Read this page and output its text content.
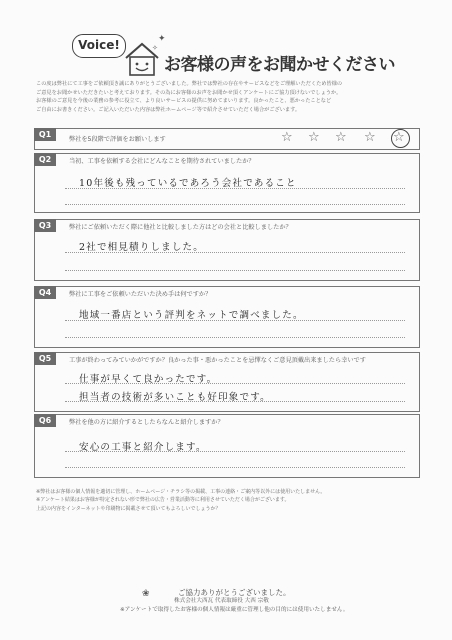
Voice!	✦
✧
お客様の声をお聞かせください

この度は弊社にて工事をご依頼頂き誠にありがとうございました。弊社では弊社の存在やサービスなどをご理解いただくため皆様の

ご意見をお聞かせいただきたいと考えております。その為にお客様のお声をお聞かせ頂くアンケートにご協力頂けないでしょうか。

お客様のご意見を今後の業務の参考に役立て、より良いサービスの提供に努めてまいります。良かったこと、悪かったことなど

ご自由にお書きください。ご記入いただいた内容は弊社ホームページ等で紹介させていただく場合がございます。

Q1
弊社を5段階で評価をお願いします	☆ ☆ ☆ ☆ ☆
Q2	当初、工事を依頼する会社にどんなことを期待されていましたか？
10年後も残っているであろう会社であること
Q3	弊社にご依頼いただく際に他社と比較しました方はどの会社と比較しましたか？
2社で相見積りしました。
Q4	弊社に工事をご依頼いただいた決め手は何ですか？
地域一番店という評判をネットで調べました。
Q5	工事が終わってみていかがですか？良かった事・悪かったことを忌憚なくご意見頂戴出来ましたら幸いです
仕事が早くて良かったです。
担当者の技術が多いことも好印象です。
Q6	弊社を他の方に紹介するとしたらなんと紹介しますか？
安心の工事と紹介します。

※弊社はお客様の個人情報を適切に管理し、ホームページ・チラシ等の掲載、工事の連絡・ご案内等以外には使用いたしません。

※アンケート結果はお客様が特定されない形で弊社の広告・営業活動等に利用させていただく場合がございます。

上記の内容をインターネットや印刷物に掲載させて頂いてもよろしいでしょうか？

❀	ご協力ありがとうございました。

株式会社大西瓦 代表取締役 大西 宗敬

※アンケートで取得したお客様の個人情報は厳重に管理し他の目的には使用いたしません。
